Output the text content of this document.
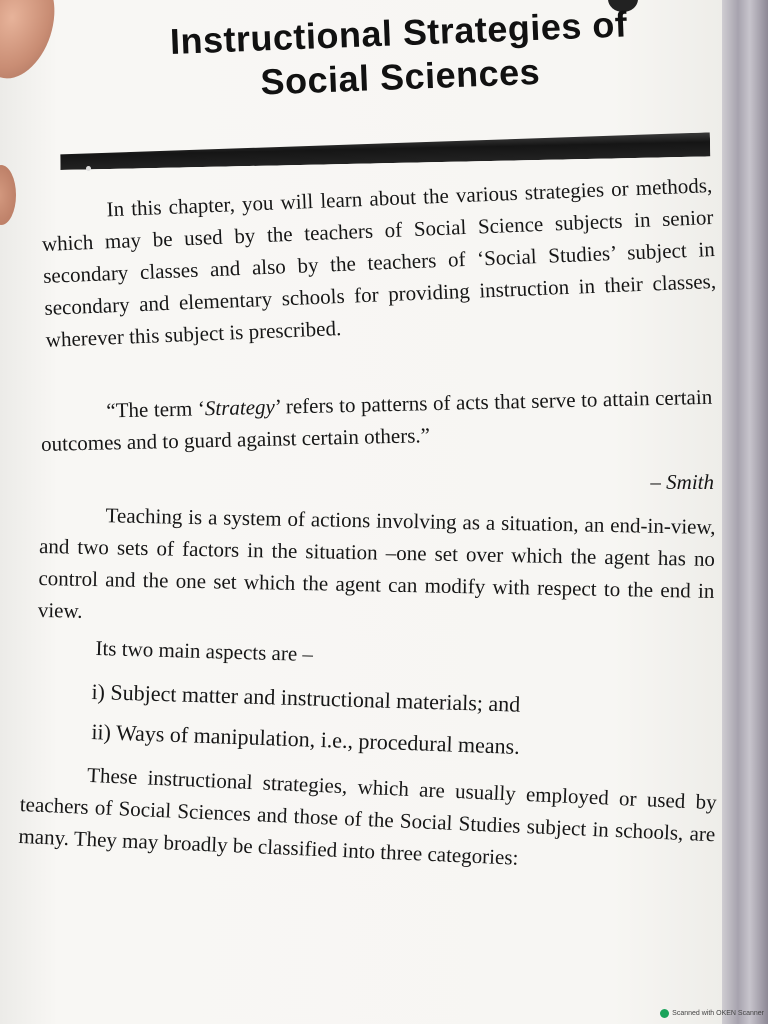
Instructional Strategies of Social Sciences

In this chapter, you will learn about the various strategies or methods, which may be used by the teachers of Social Science subjects in senior secondary classes and also by the teachers of ‘Social Studies’ subject in secondary and elementary schools for providing instruction in their classes, wherever this subject is prescribed.

“The term ‘Strategy’ refers to patterns of acts that serve to attain certain outcomes and to guard against certain others.”

– Smith

Teaching is a system of actions involving as a situation, an end-in-view, and two sets of factors in the situation –one set over which the agent has no control and the one set which the agent can modify with respect to the end in view.

Its two main aspects are –

i) Subject matter and instructional materials; and

ii) Ways of manipulation, i.e., procedural means.

These instructional strategies, which are usually employed or used by teachers of Social Sciences and those of the Social Studies subject in schools, are many. They may broadly be classified into three categories:

Scanned with OKEN Scanner
